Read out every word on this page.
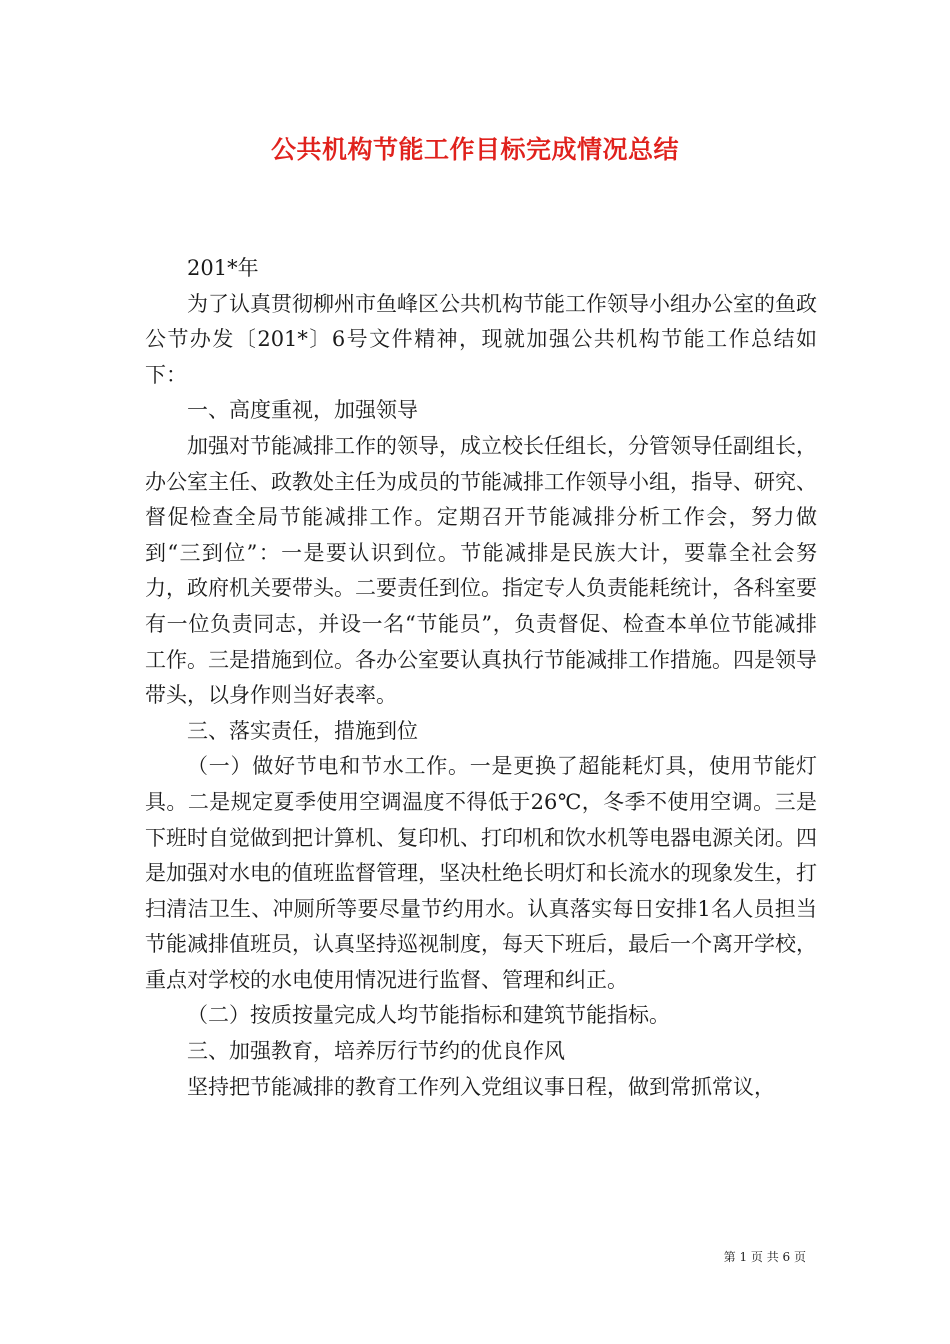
公共机构节能工作目标完成情况总结

201*年

为了认真贯彻柳州市鱼峰区公共机构节能工作领导小组办公室的鱼政公节办发〔201*〕6号文件精神，现就加强公共机构节能工作总结如下：

一、高度重视，加强领导

加强对节能减排工作的领导，成立校长任组长，分管领导任副组长，办公室主任、政教处主任为成员的节能减排工作领导小组，指导、研究、督促检查全局节能减排工作。定期召开节能减排分析工作会，努力做到“三到位”：一是要认识到位。节能减排是民族大计，要靠全社会努力，政府机关要带头。二要责任到位。指定专人负责能耗统计，各科室要有一位负责同志，并设一名“节能员”，负责督促、检查本单位节能减排工作。三是措施到位。各办公室要认真执行节能减排工作措施。四是领导带头，以身作则当好表率。

三、落实责任，措施到位

（一）做好节电和节水工作。一是更换了超能耗灯具，使用节能灯具。二是规定夏季使用空调温度不得低于26℃，冬季不使用空调。三是下班时自觉做到把计算机、复印机、打印机和饮水机等电器电源关闭。四是加强对水电的值班监督管理，坚决杜绝长明灯和长流水的现象发生，打扫清洁卫生、冲厕所等要尽量节约用水。认真落实每日安排1名人员担当节能减排值班员，认真坚持巡视制度，每天下班后，最后一个离开学校，重点对学校的水电使用情况进行监督、管理和纠正。

（二）按质按量完成人均节能指标和建筑节能指标。

三、加强教育，培养厉行节约的优良作风

坚持把节能减排的教育工作列入党组议事日程，做到常抓常议，

第 1 页 共 6 页
